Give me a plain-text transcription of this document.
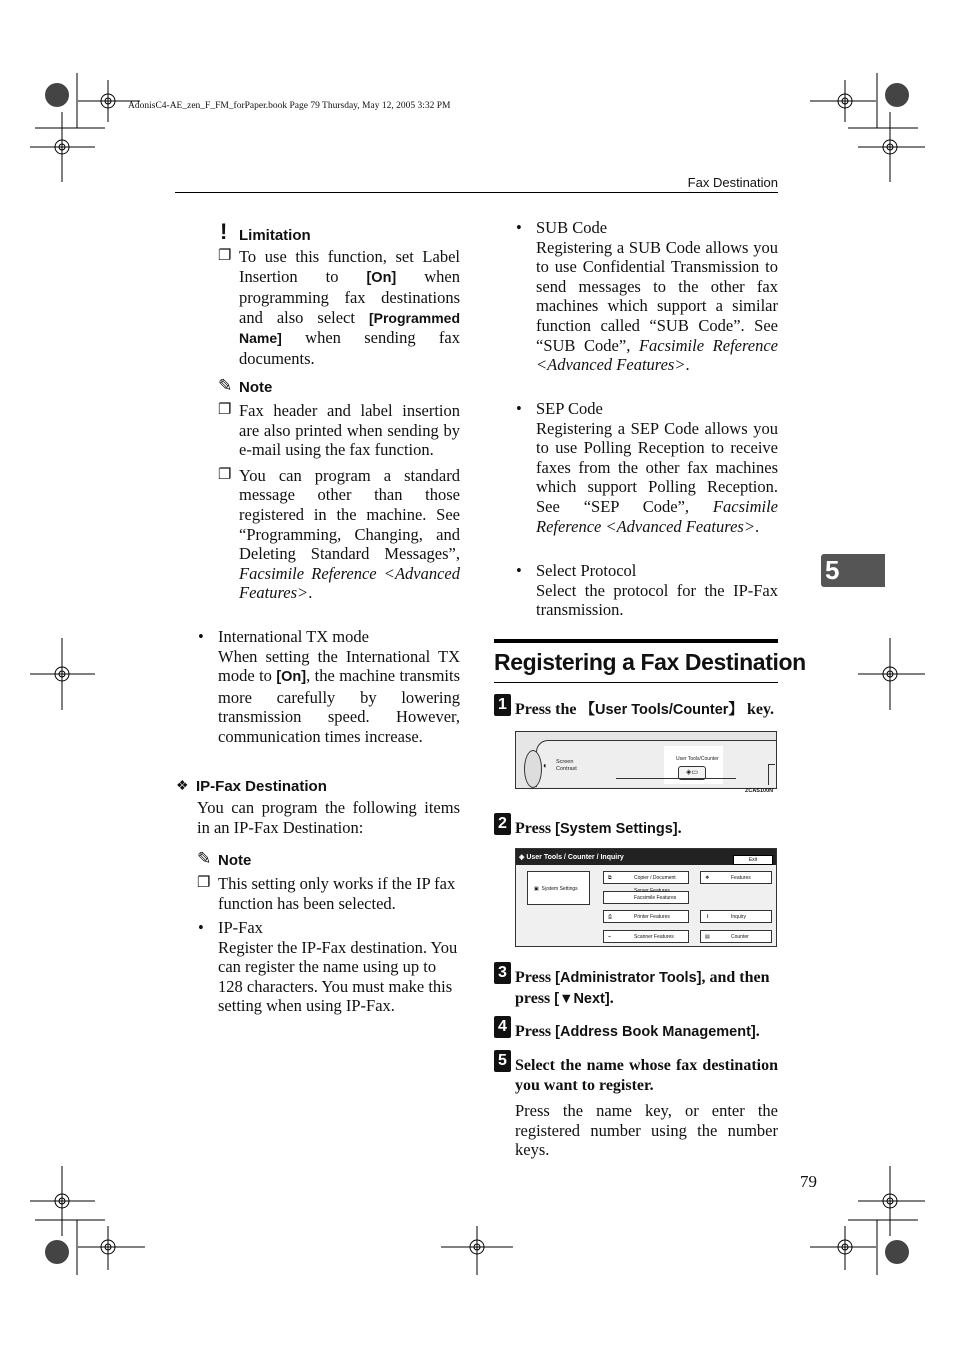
AdonisC4-AE_zen_F_FM_forPaper.book Page 79 Thursday, May 12, 2005 3:32 PM
Fax Destination
! Limitation
❐ To use this function, set Label Insertion to [On] when programming fax destinations and also select [Programmed Name] when sending fax documents.
✎ Note
❐ Fax header and label insertion are also printed when sending by e-mail using the fax function.
❐ You can program a standard message other than those registered in the machine. See “Programming, Changing, and Deleting Standard Messages”, Facsimile Reference <Advanced Features>.
• International TX mode
When setting the International TX mode to [On], the machine transmits more carefully by lowering transmission speed. However, communication times increase.
❖ IP-Fax Destination
You can program the following items in an IP-Fax Destination:
✎ Note
❐ This setting only works if the IP fax function has been selected.
• IP-Fax
Register the IP-Fax destination. You can register the name using up to 128 characters. You must make this setting when using IP-Fax.
• SUB Code
Registering a SUB Code allows you to use Confidential Transmission to send messages to the other fax machines which support a similar function called “SUB Code”. See “SUB Code”, Facsimile Reference <Advanced Features>.
• SEP Code
Registering a SEP Code allows you to use Polling Reception to receive faxes from the other fax machines which support Polling Reception. See “SEP Code”, Facsimile Reference <Advanced Features>.
• Select Protocol
Select the protocol for the IP-Fax transmission.
Registering a Fax Destination
1 Press the 【User Tools/Counter】 key.
◐ Screen
Contrast
User Tools/Counter
◈▭
ZCAS100N
2 Press [System Settings].
◈ User Tools / Counter / Inquiry	Exit
▣  System Settings
⧉	Copier / Document
Facsimile Features
⎙	Printer Features
⌁	Scanner Features
❖	Features
i	Inquiry
▤	Counter
3 Press [Administrator Tools], and then press [▼Next].
4 Press [Address Book Management].
5 Select the name whose fax destination you want to register.
Press the name key, or enter the registered number using the number keys.
5
79
